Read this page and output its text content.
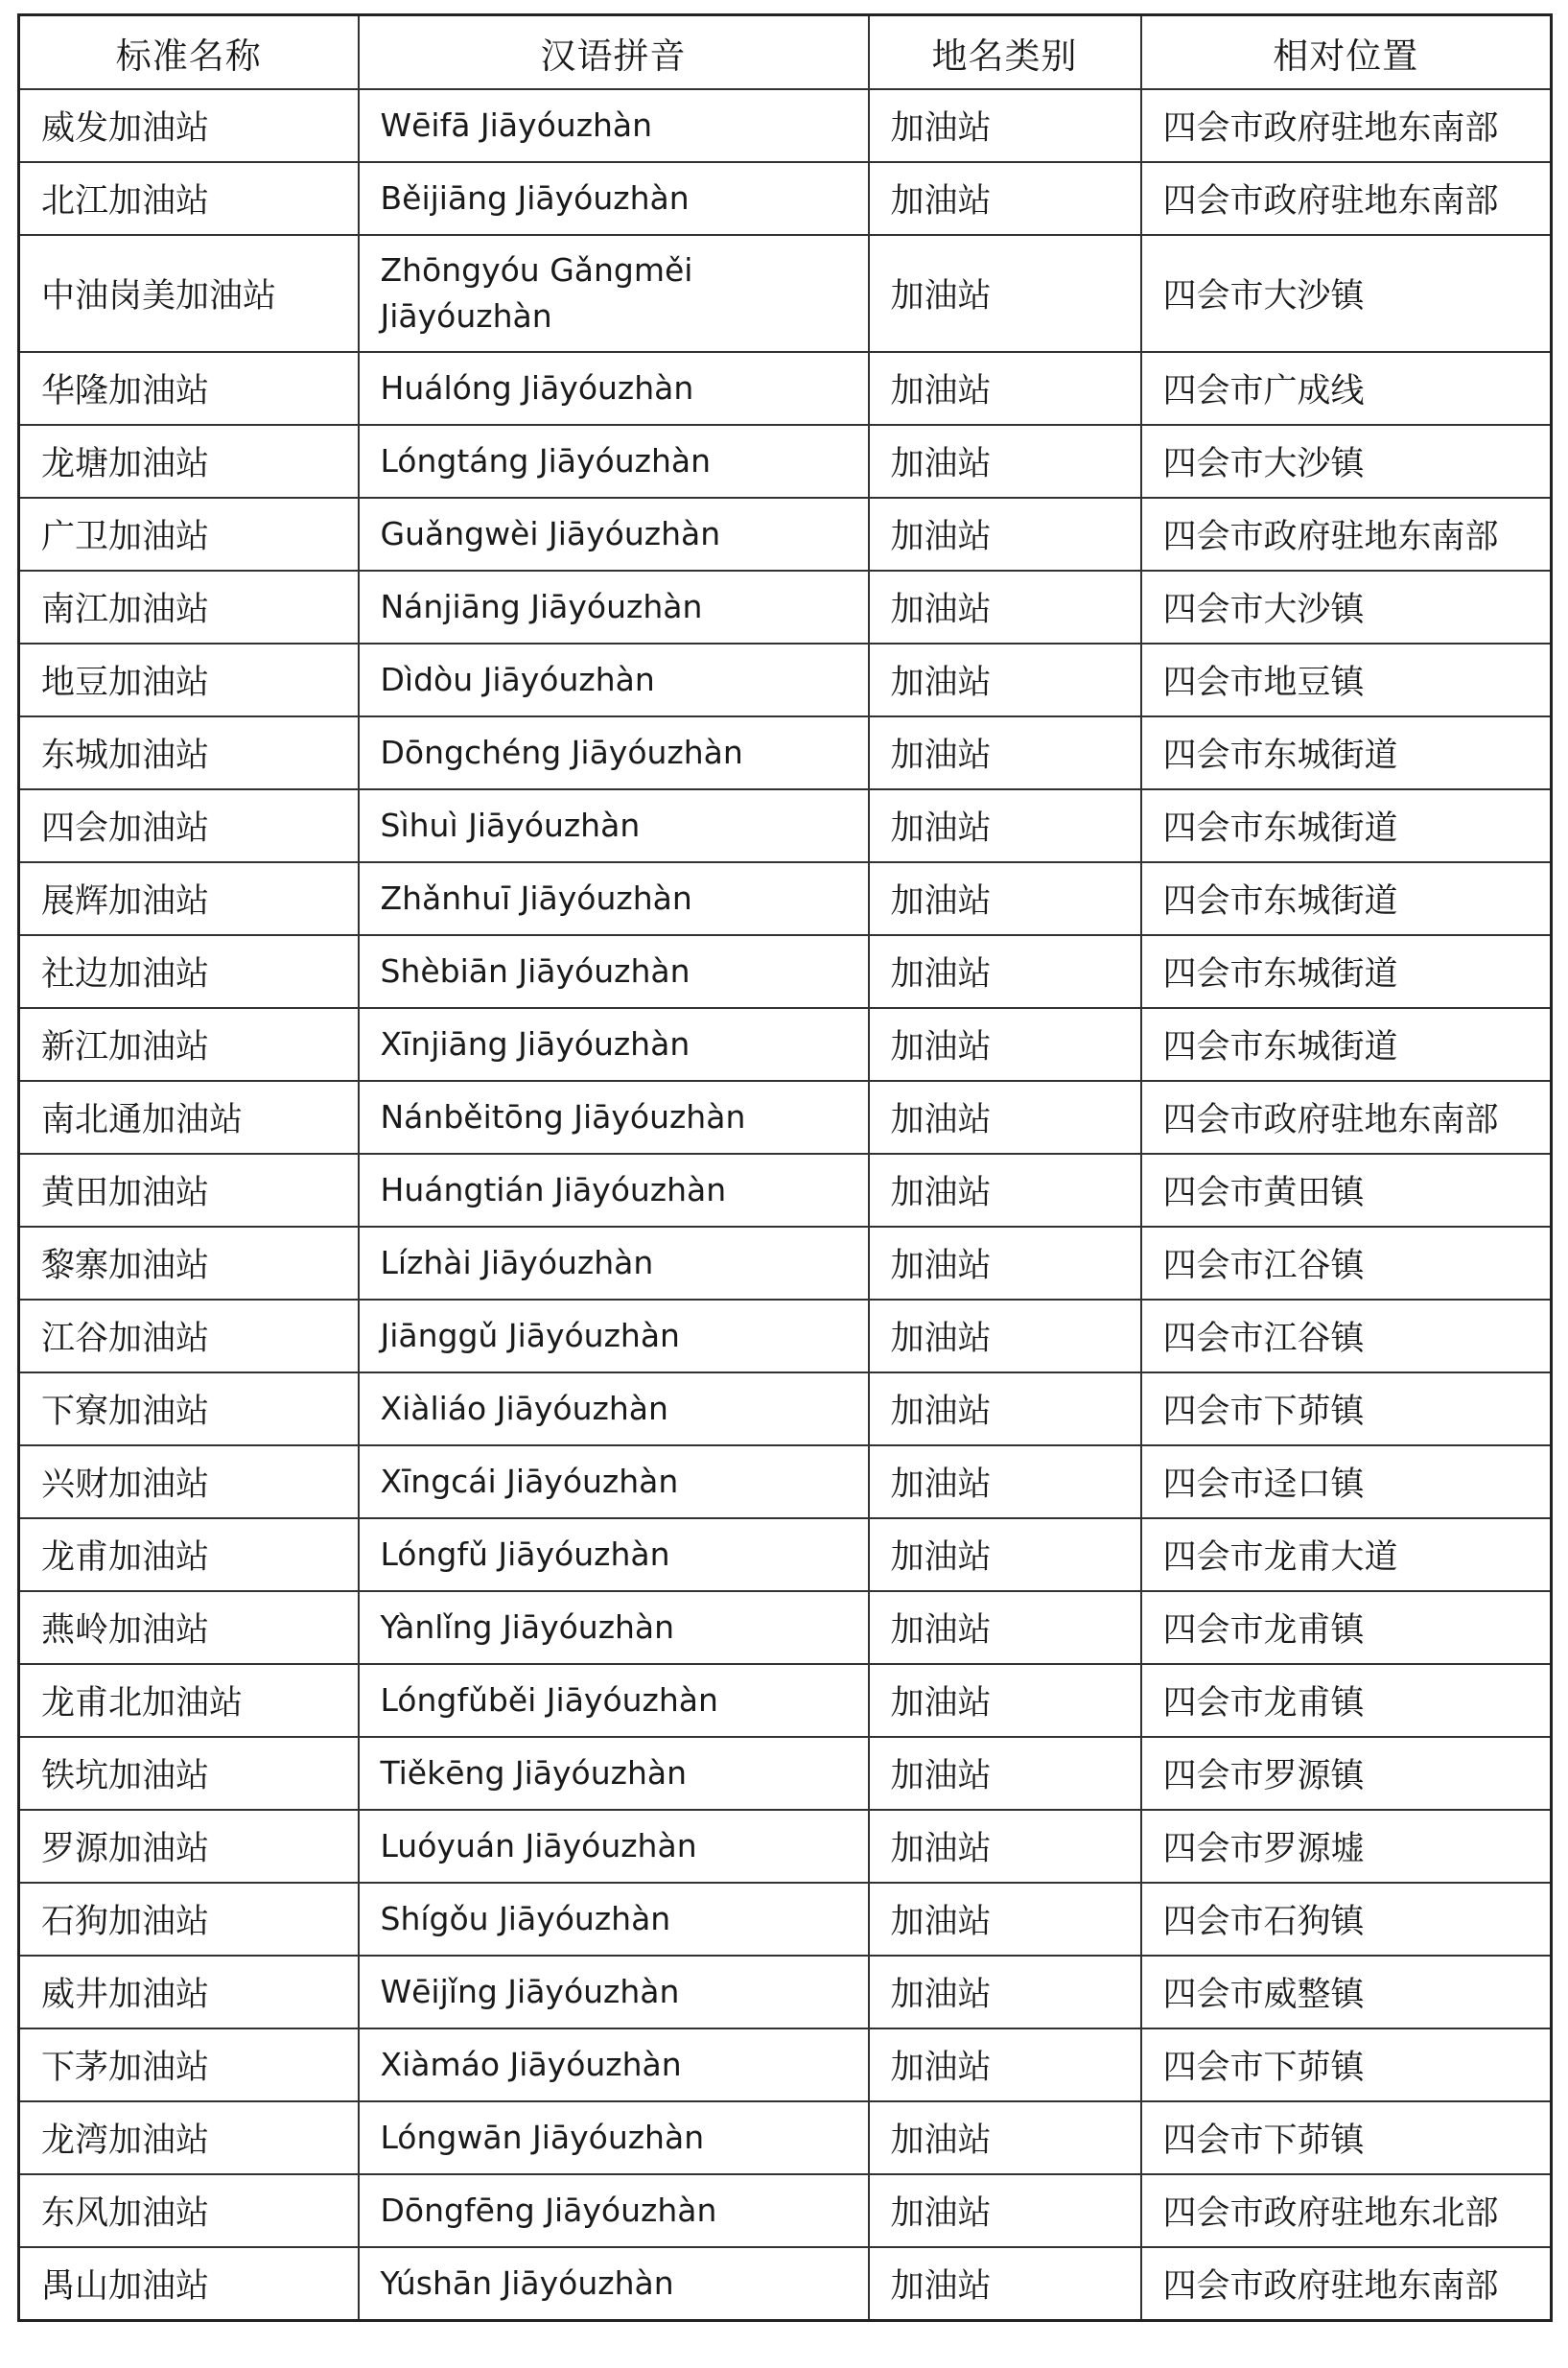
标准名称	汉语拼音	地名类别	相对位置
威发加油站	Wēifā Jiāyóuzhàn	加油站	四会市政府驻地东南部
北江加油站	Běijiāng Jiāyóuzhàn	加油站	四会市政府驻地东南部
中油岗美加油站	Zhōngyóu Gǎngměi Jiāyóuzhàn	加油站	四会市大沙镇
华隆加油站	Huálóng Jiāyóuzhàn	加油站	四会市广成线
龙塘加油站	Lóngtáng Jiāyóuzhàn	加油站	四会市大沙镇
广卫加油站	Guǎngwèi Jiāyóuzhàn	加油站	四会市政府驻地东南部
南江加油站	Nánjiāng Jiāyóuzhàn	加油站	四会市大沙镇
地豆加油站	Dìdòu Jiāyóuzhàn	加油站	四会市地豆镇
东城加油站	Dōngchéng Jiāyóuzhàn	加油站	四会市东城街道
四会加油站	Sìhuì Jiāyóuzhàn	加油站	四会市东城街道
展辉加油站	Zhǎnhuī Jiāyóuzhàn	加油站	四会市东城街道
社边加油站	Shèbiān Jiāyóuzhàn	加油站	四会市东城街道
新江加油站	Xīnjiāng Jiāyóuzhàn	加油站	四会市东城街道
南北通加油站	Nánběitōng Jiāyóuzhàn	加油站	四会市政府驻地东南部
黄田加油站	Huángtián Jiāyóuzhàn	加油站	四会市黄田镇
黎寨加油站	Lízhài Jiāyóuzhàn	加油站	四会市江谷镇
江谷加油站	Jiānggǔ Jiāyóuzhàn	加油站	四会市江谷镇
下寮加油站	Xiàliáo Jiāyóuzhàn	加油站	四会市下茆镇
兴财加油站	Xīngcái Jiāyóuzhàn	加油站	四会市迳口镇
龙甫加油站	Lóngfǔ Jiāyóuzhàn	加油站	四会市龙甫大道
燕岭加油站	Yànlǐng Jiāyóuzhàn	加油站	四会市龙甫镇
龙甫北加油站	Lóngfǔběi Jiāyóuzhàn	加油站	四会市龙甫镇
铁坑加油站	Tiěkēng Jiāyóuzhàn	加油站	四会市罗源镇
罗源加油站	Luóyuán Jiāyóuzhàn	加油站	四会市罗源墟
石狗加油站	Shígǒu Jiāyóuzhàn	加油站	四会市石狗镇
威井加油站	Wēijǐng Jiāyóuzhàn	加油站	四会市威整镇
下茅加油站	Xiàmáo Jiāyóuzhàn	加油站	四会市下茆镇
龙湾加油站	Lóngwān Jiāyóuzhàn	加油站	四会市下茆镇
东风加油站	Dōngfēng Jiāyóuzhàn	加油站	四会市政府驻地东北部
禺山加油站	Yúshān Jiāyóuzhàn	加油站	四会市政府驻地东南部
